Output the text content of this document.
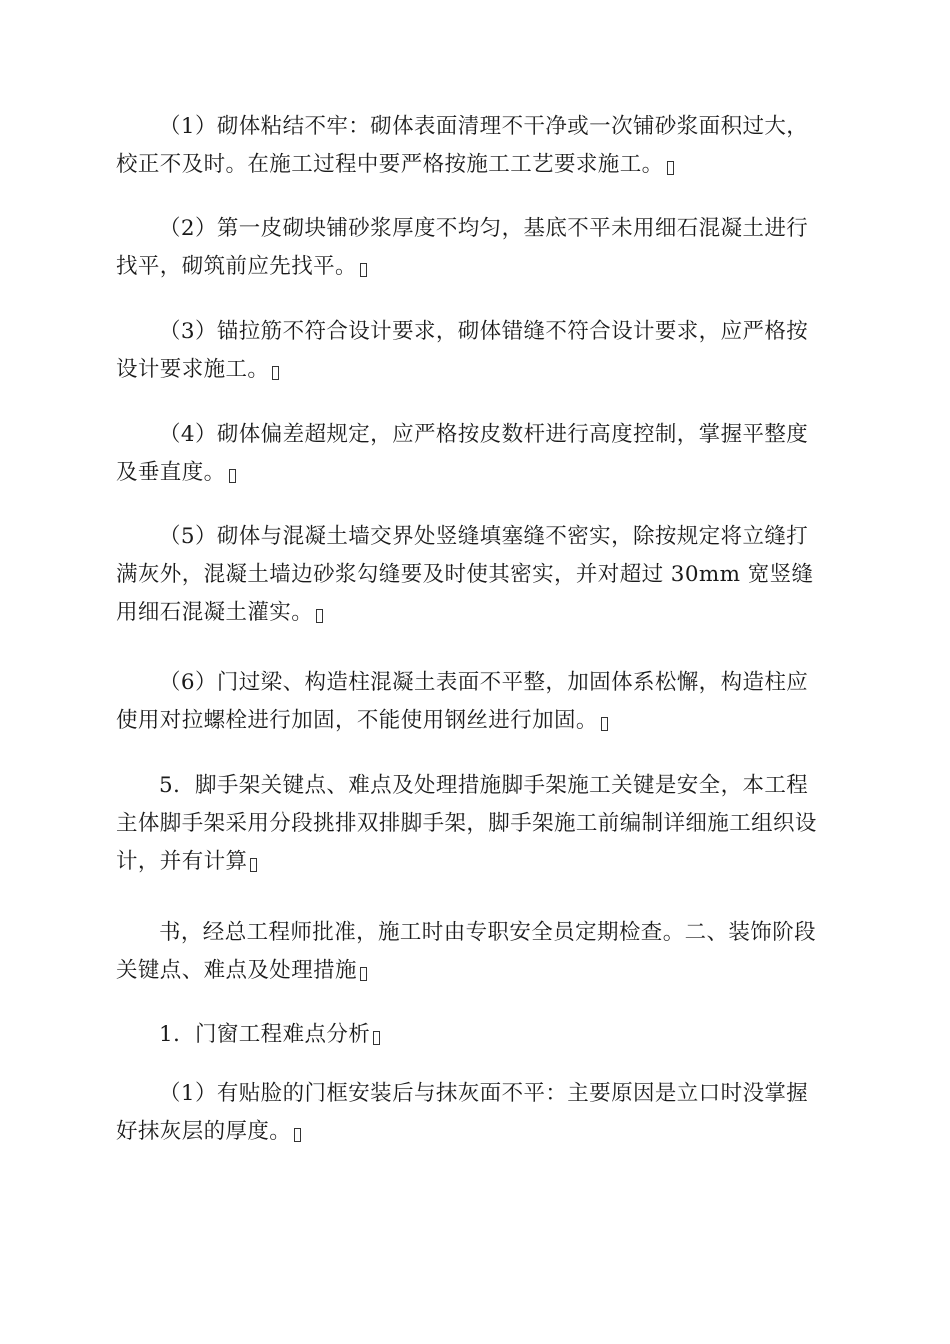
（1）砌体粘结不牢：砌体表面清理不干净或一次铺砂浆面积过大，校正不及时。在施工过程中要严格按施工工艺要求施工。

（2）第一皮砌块铺砂浆厚度不均匀，基底不平未用细石混凝土进行找平，砌筑前应先找平。

（3）锚拉筋不符合设计要求，砌体错缝不符合设计要求，应严格按设计要求施工。

（4）砌体偏差超规定，应严格按皮数杆进行高度控制，掌握平整度及垂直度。

（5）砌体与混凝土墙交界处竖缝填塞缝不密实，除按规定将立缝打满灰外，混凝土墙边砂浆勾缝要及时使其密实，并对超过 30mm 宽竖缝用细石混凝土灌实。

（6）门过梁、构造柱混凝土表面不平整，加固体系松懈，构造柱应使用对拉螺栓进行加固，不能使用钢丝进行加固。

5．脚手架关键点、难点及处理措施脚手架施工关键是安全，本工程主体脚手架采用分段挑排双排脚手架，脚手架施工前编制详细施工组织设计，并有计算

书，经总工程师批准，施工时由专职安全员定期检查。二、装饰阶段关键点、难点及处理措施

1．门窗工程难点分析

（1）有贴脸的门框安装后与抹灰面不平：主要原因是立口时没掌握好抹灰层的厚度。
